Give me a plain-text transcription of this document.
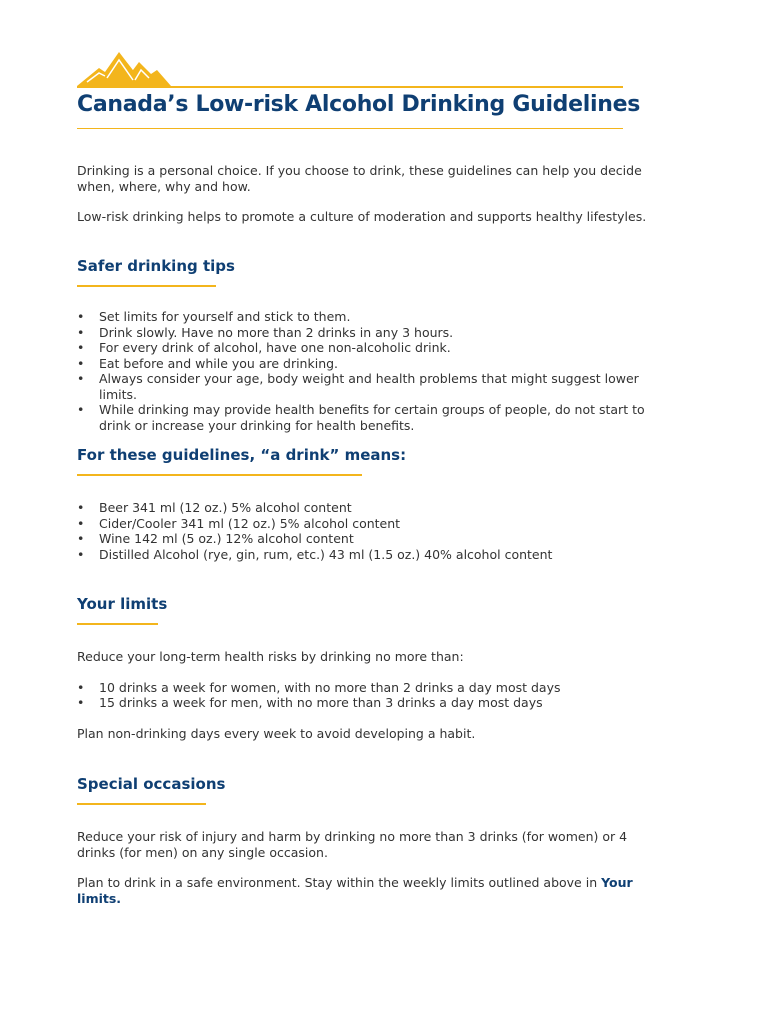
Canada’s Low-risk Alcohol Drinking Guidelines

Drinking is a personal choice. If you choose to drink, these guidelines can help you decide when, where, why and how.

Low-risk drinking helps to promote a culture of moderation and supports healthy lifestyles.

Safer drinking tips
• Set limits for yourself and stick to them.
• Drink slowly. Have no more than 2 drinks in any 3 hours.
• For every drink of alcohol, have one non-alcoholic drink.
• Eat before and while you are drinking.
• Always consider your age, body weight and health problems that might suggest lower limits.
• While drinking may provide health benefits for certain groups of people, do not start to drink or increase your drinking for health benefits.
For these guidelines, “a drink” means:
• Beer 341 ml (12 oz.) 5% alcohol content
• Cider/Cooler 341 ml (12 oz.) 5% alcohol content
• Wine 142 ml (5 oz.) 12% alcohol content
• Distilled Alcohol (rye, gin, rum, etc.) 43 ml (1.5 oz.) 40% alcohol content
Your limits

Reduce your long-term health risks by drinking no more than:

• 10 drinks a week for women, with no more than 2 drinks a day most days
• 15 drinks a week for men, with no more than 3 drinks a day most days

Plan non-drinking days every week to avoid developing a habit.

Special occasions

Reduce your risk of injury and harm by drinking no more than 3 drinks (for women) or 4 drinks (for men) on any single occasion.

Plan to drink in a safe environment. Stay within the weekly limits outlined above in Your limits.
